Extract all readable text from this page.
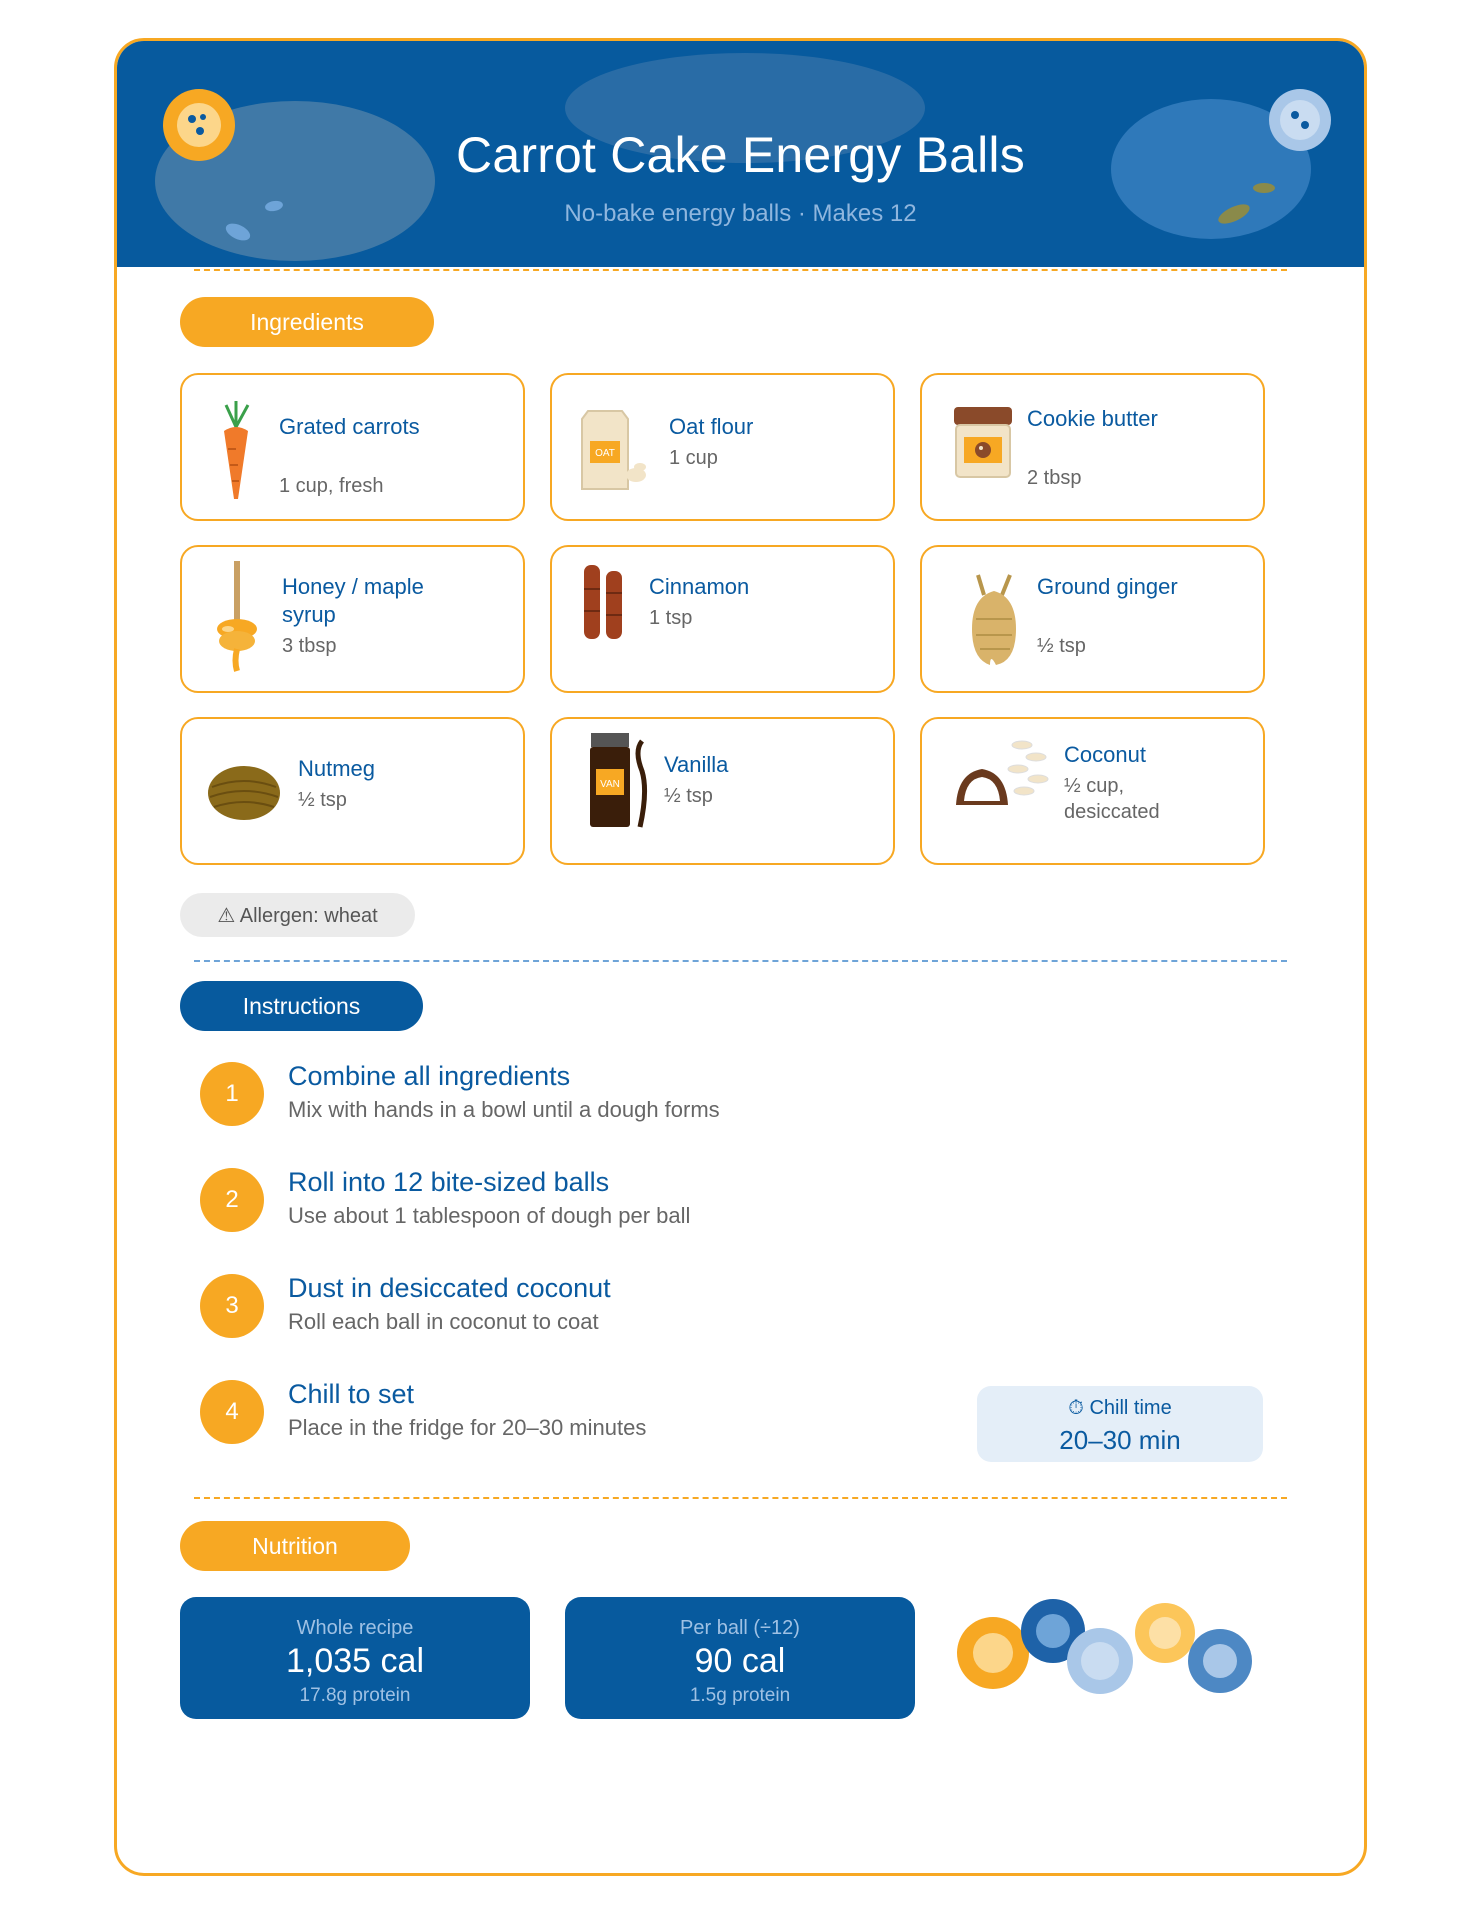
Carrot Cake Energy Balls
No-bake energy balls · Makes 12
Ingredients
Grated carrots
1 cup, fresh
OAT
Oat flour
1 cup
Cookie butter
2 tbsp
Honey / maple syrup
3 tbsp
Cinnamon
1 tsp
Ground ginger
½ tsp
Nutmeg
½ tsp
VAN
Vanilla
½ tsp
Coconut
½ cup, desiccated
⚠ Allergen: wheat
Instructions
1
Combine all ingredients
Mix with hands in a bowl until a dough forms
2
Roll into 12 bite-sized balls
Use about 1 tablespoon of dough per ball
3
Dust in desiccated coconut
Roll each ball in coconut to coat
4
Chill to set
Place in the fridge for 20–30 minutes
⏱ Chill time
20–30 min
Nutrition
Whole recipe
1,035 cal
17.8g protein
Per ball (÷12)
90 cal
1.5g protein
